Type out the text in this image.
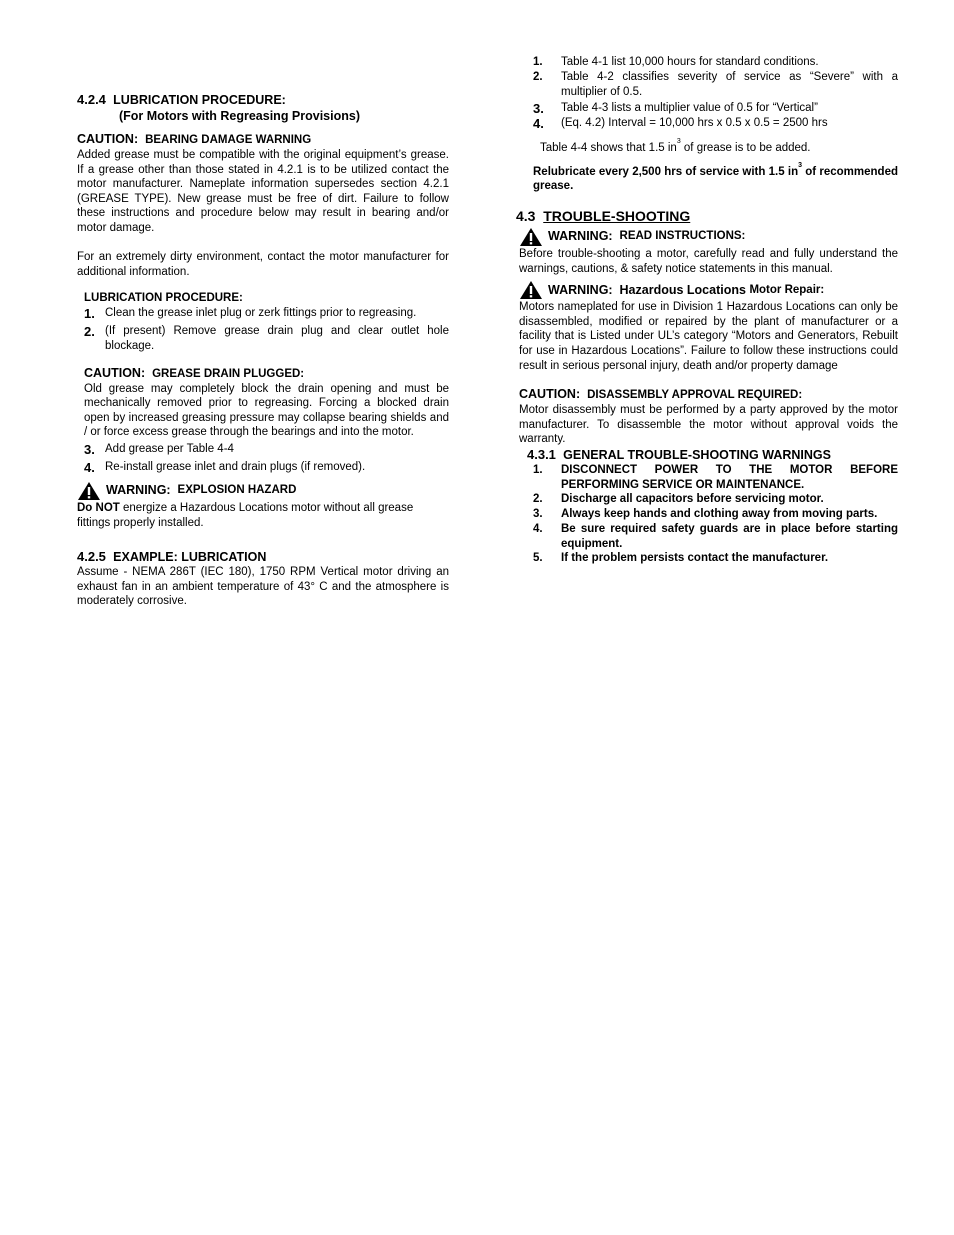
4.2.4 LUBRICATION PROCEDURE:
(For Motors with Regreasing Provisions)
CAUTION: BEARING DAMAGE WARNING

Added grease must be compatible with the original equipment’s grease. If a grease other than those stated in 4.2.1 is to be utilized contact the motor manufacturer. Nameplate information supersedes section 4.2.1 (GREASE TYPE). New grease must be free of dirt. Failure to follow these instructions and procedure below may result in bearing and/or motor damage.

For an extremely dirty environment, contact the motor manufacturer for additional information.

LUBRICATION PROCEDURE:
1. Clean the grease inlet plug or zerk fittings prior to regreasing.
2. (If present) Remove grease drain plug and clear outlet hole blockage.
CAUTION: GREASE DRAIN PLUGGED:

Old grease may completely block the drain opening and must be mechanically removed prior to regreasing. Forcing a blocked drain open by increased greasing pressure may collapse bearing shields and / or force excess grease through the bearings and into the motor.

3. Add grease per Table 4-4
4. Re-install grease inlet and drain plugs (if removed).
WARNING:
EXPLOSION HAZARD

Do NOT energize a Hazardous Locations motor without all grease fittings properly installed.

4.2.5 EXAMPLE: LUBRICATION

Assume - NEMA 286T (IEC 180), 1750 RPM Vertical motor driving an exhaust fan in an ambient temperature of 43° C and the atmosphere is moderately corrosive.

1.	Table 4-1 list 10,000 hours for standard conditions.
2.	Table 4-2 classifies severity of service as “Severe” with a multiplier of 0.5.
3.	Table 4-3 lists a multiplier value of 0.5 for “Vertical”
4.	(Eq. 4.2) Interval = 10,000 hrs x 0.5 x 0.5 = 2500 hrs

Table 4-4 shows that 1.5 $in^3$ of grease is to be added.

Relubricate every 2,500 hrs of service with 1.5 $in^3$ of recommended grease.

4.3 TROUBLE-SHOOTING
WARNING:
READ INSTRUCTIONS:

Before trouble-shooting a motor, carefully read and fully understand the warnings, cautions, & safety notice statements in this manual.

WARNING:
Hazardous Locations
Motor Repair:

Motors nameplated for use in Division 1 Hazardous Locations can only be disassembled, modified or repaired by the plant of manufacturer or a facility that is Listed under UL’s category “Motors and Generators, Rebuilt for use in Hazardous Locations”. Failure to follow these instructions could result in serious personal injury, death and/or property damage

CAUTION: DISASSEMBLY APPROVAL REQUIRED:

Motor disassembly must be performed by a party approved by the motor manufacturer. To disassemble the motor without approval voids the warranty.

4.3.1 GENERAL TROUBLE-SHOOTING WARNINGS
1.	DISCONNECT POWER TO THE MOTOR BEFORE PERFORMING SERVICE OR MAINTENANCE.
2.	Discharge all capacitors before servicing motor.
3.	Always keep hands and clothing away from moving parts.
4.	Be sure required safety guards are in place before starting equipment.
5.	If the problem persists contact the manufacturer.
